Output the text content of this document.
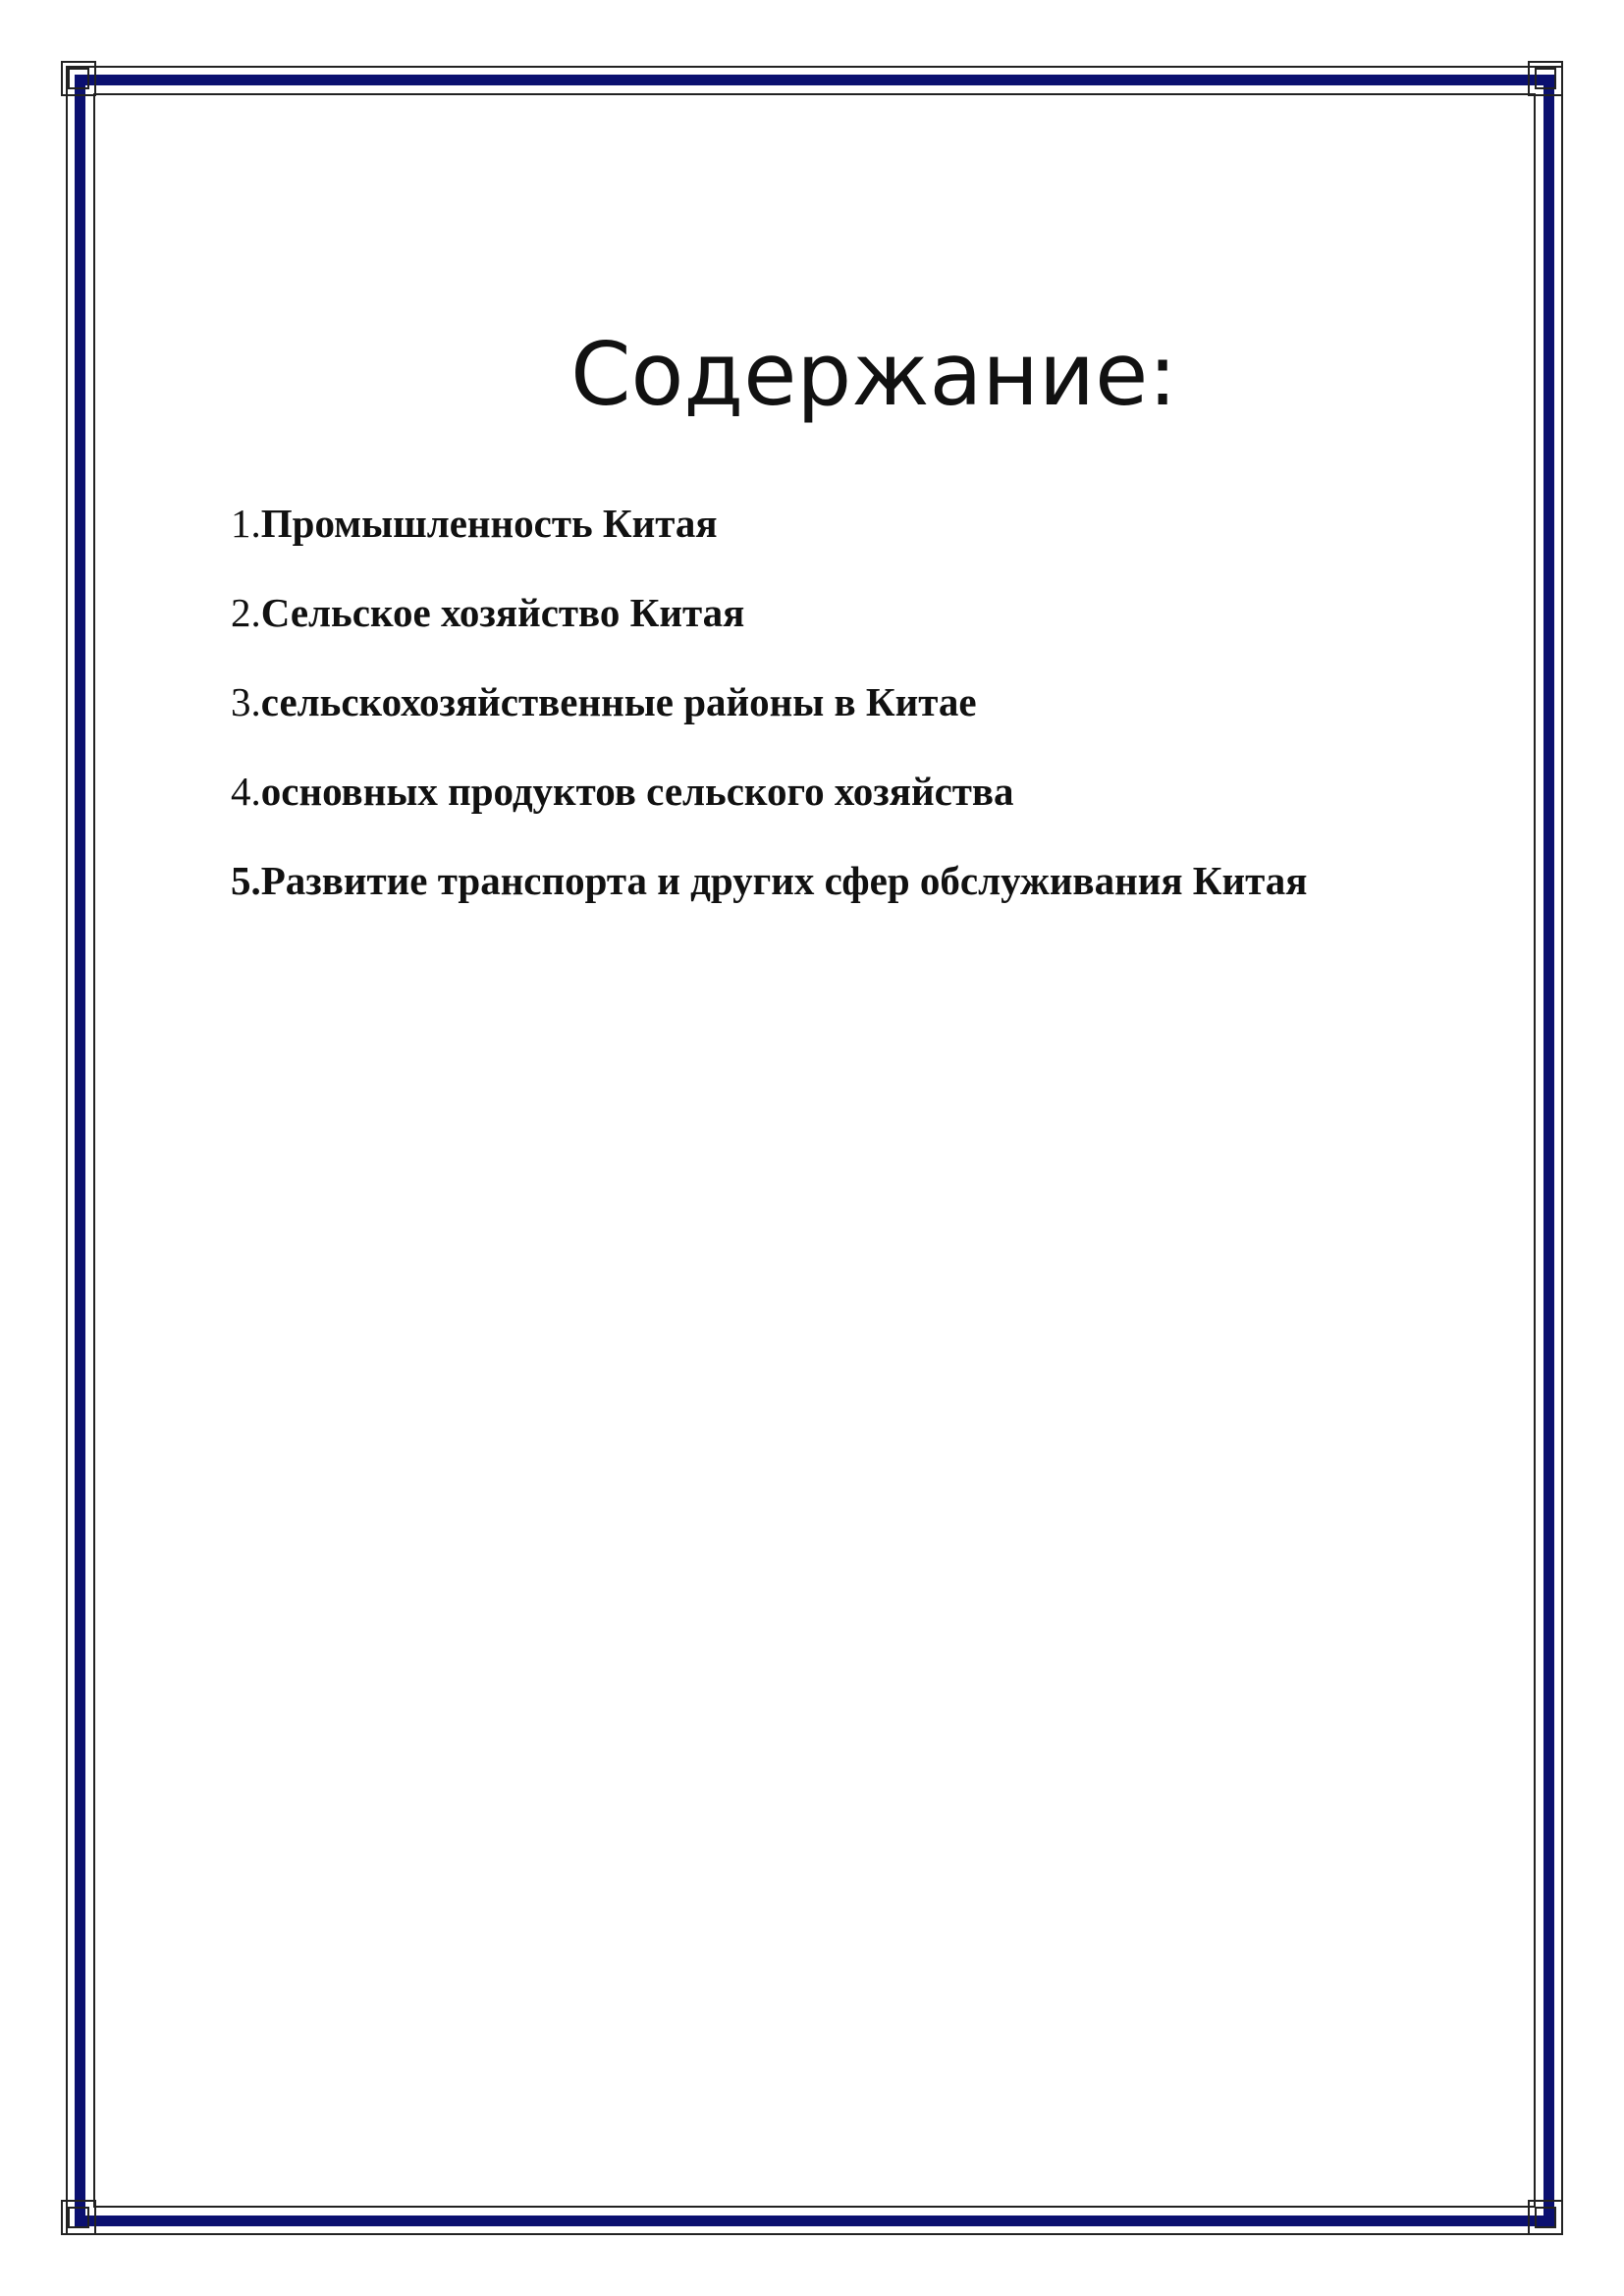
Содержание:
1.Промышленность Китая
2.Сельское хозяйство Китая
3.сельскохозяйственные районы в Китае
4.основных продуктов сельского хозяйства
5.Развитие транспорта и других сфер обслуживания Китая
